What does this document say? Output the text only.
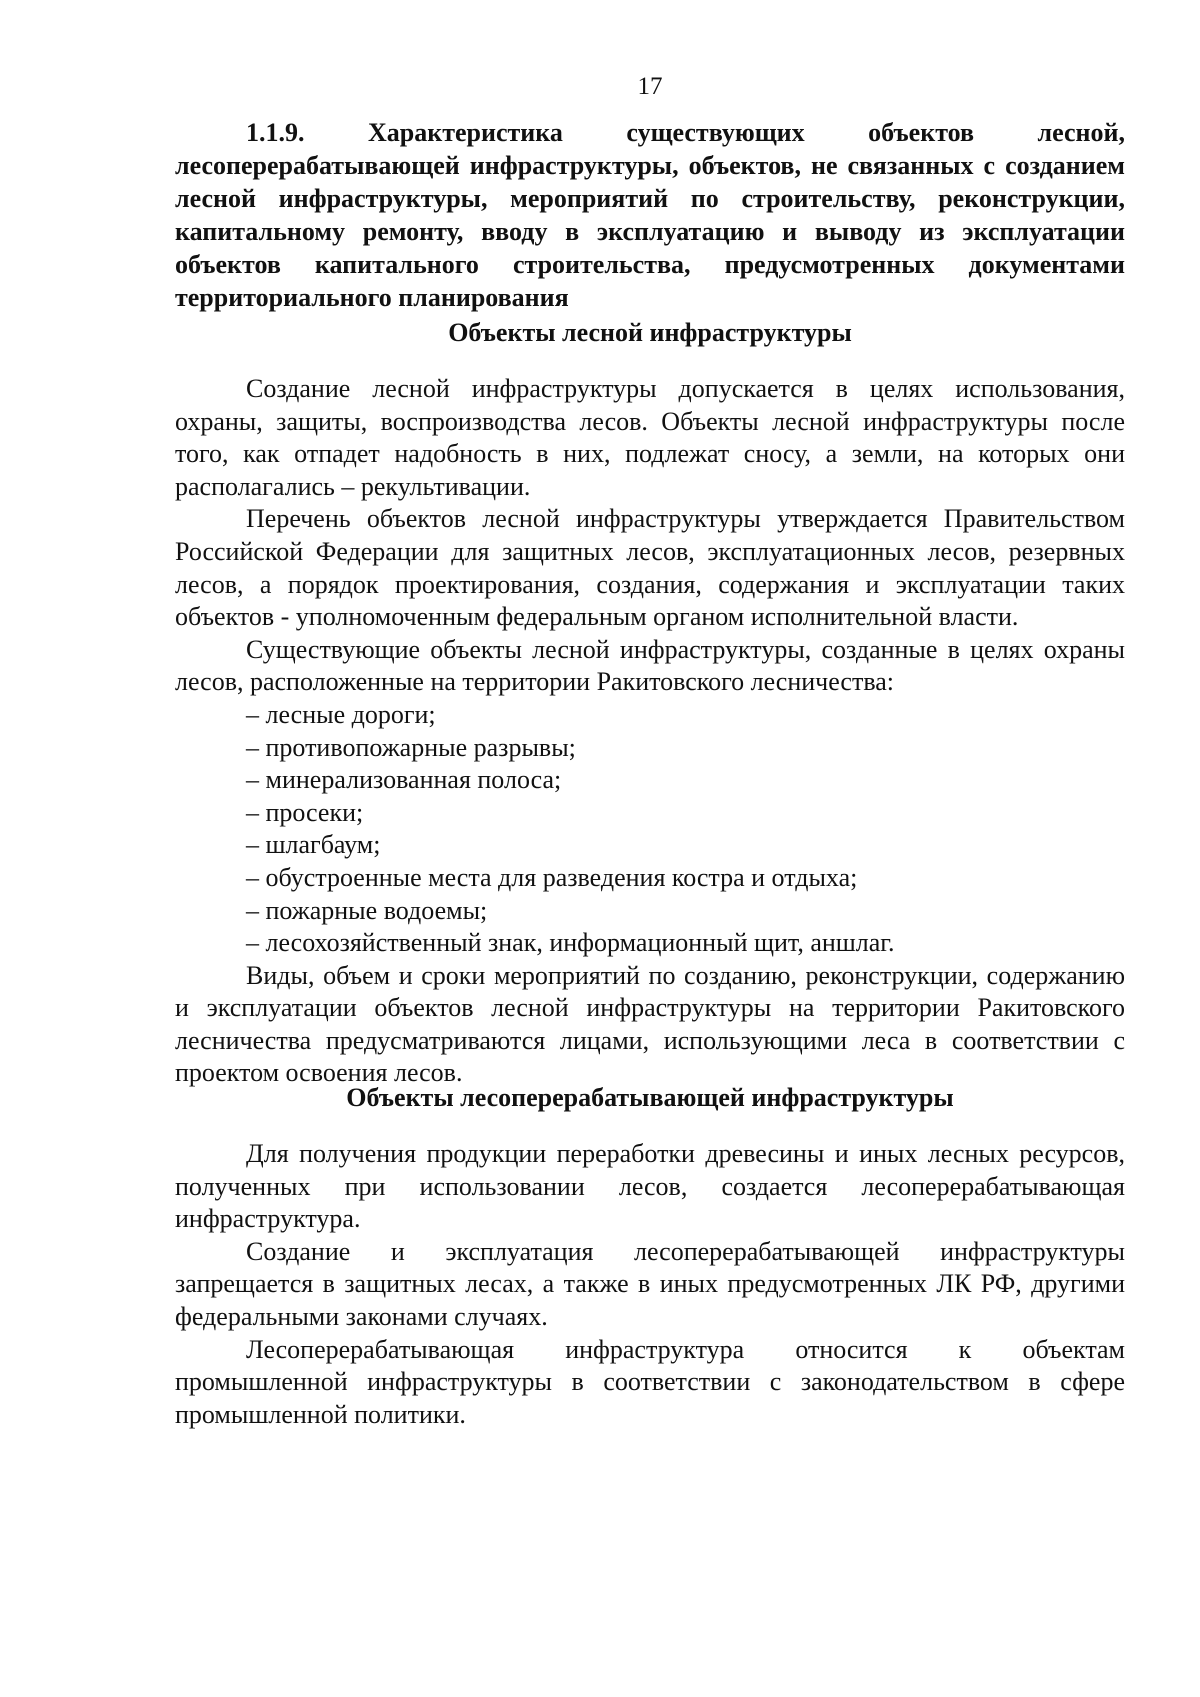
17
1.1.9. Характеристика существующих объектов лесной, лесоперерабатывающей инфраструктуры, объектов, не связанных с созданием лесной инфраструктуры, мероприятий по строительству, реконструкции, капитальному ремонту, вводу в эксплуатацию и выводу из эксплуатации объектов капитального строительства, предусмотренных документами территориального планирования
Объекты лесной инфраструктуры

Создание лесной инфраструктуры допускается в целях использования, охраны, защиты, воспроизводства лесов. Объекты лесной инфраструктуры после того, как отпадет надобность в них, подлежат сносу, а земли, на которых они располагались – рекультивации.

Перечень объектов лесной инфраструктуры утверждается Правительством Российской Федерации для защитных лесов, эксплуатационных лесов, резервных лесов, а порядок проектирования, создания, содержания и эксплуатации таких объектов - уполномоченным федеральным органом исполнительной власти.

Существующие объекты лесной инфраструктуры, созданные в целях охраны лесов, расположенные на территории Ракитовского лесничества:

– лесные дороги;
– противопожарные разрывы;
– минерализованная полоса;
– просеки;
– шлагбаум;
– обустроенные места для разведения костра и отдыха;
– пожарные водоемы;
– лесохозяйственный знак, информационный щит, аншлаг.

Виды, объем и сроки мероприятий по созданию, реконструкции, содержанию и эксплуатации объектов лесной инфраструктуры на территории Ракитовского лесничества предусматриваются лицами, использующими леса в соответствии с проектом освоения лесов.

Объекты лесоперерабатывающей инфраструктуры

Для получения продукции переработки древесины и иных лесных ресурсов, полученных при использовании лесов, создается лесоперерабатывающая инфраструктура.

Создание и эксплуатация лесоперерабатывающей инфраструктуры запрещается в защитных лесах, а также в иных предусмотренных ЛК РФ, другими федеральными законами случаях.

Лесоперерабатывающая инфраструктура относится к объектам промышленной инфраструктуры в соответствии с законодательством в сфере промышленной политики.
